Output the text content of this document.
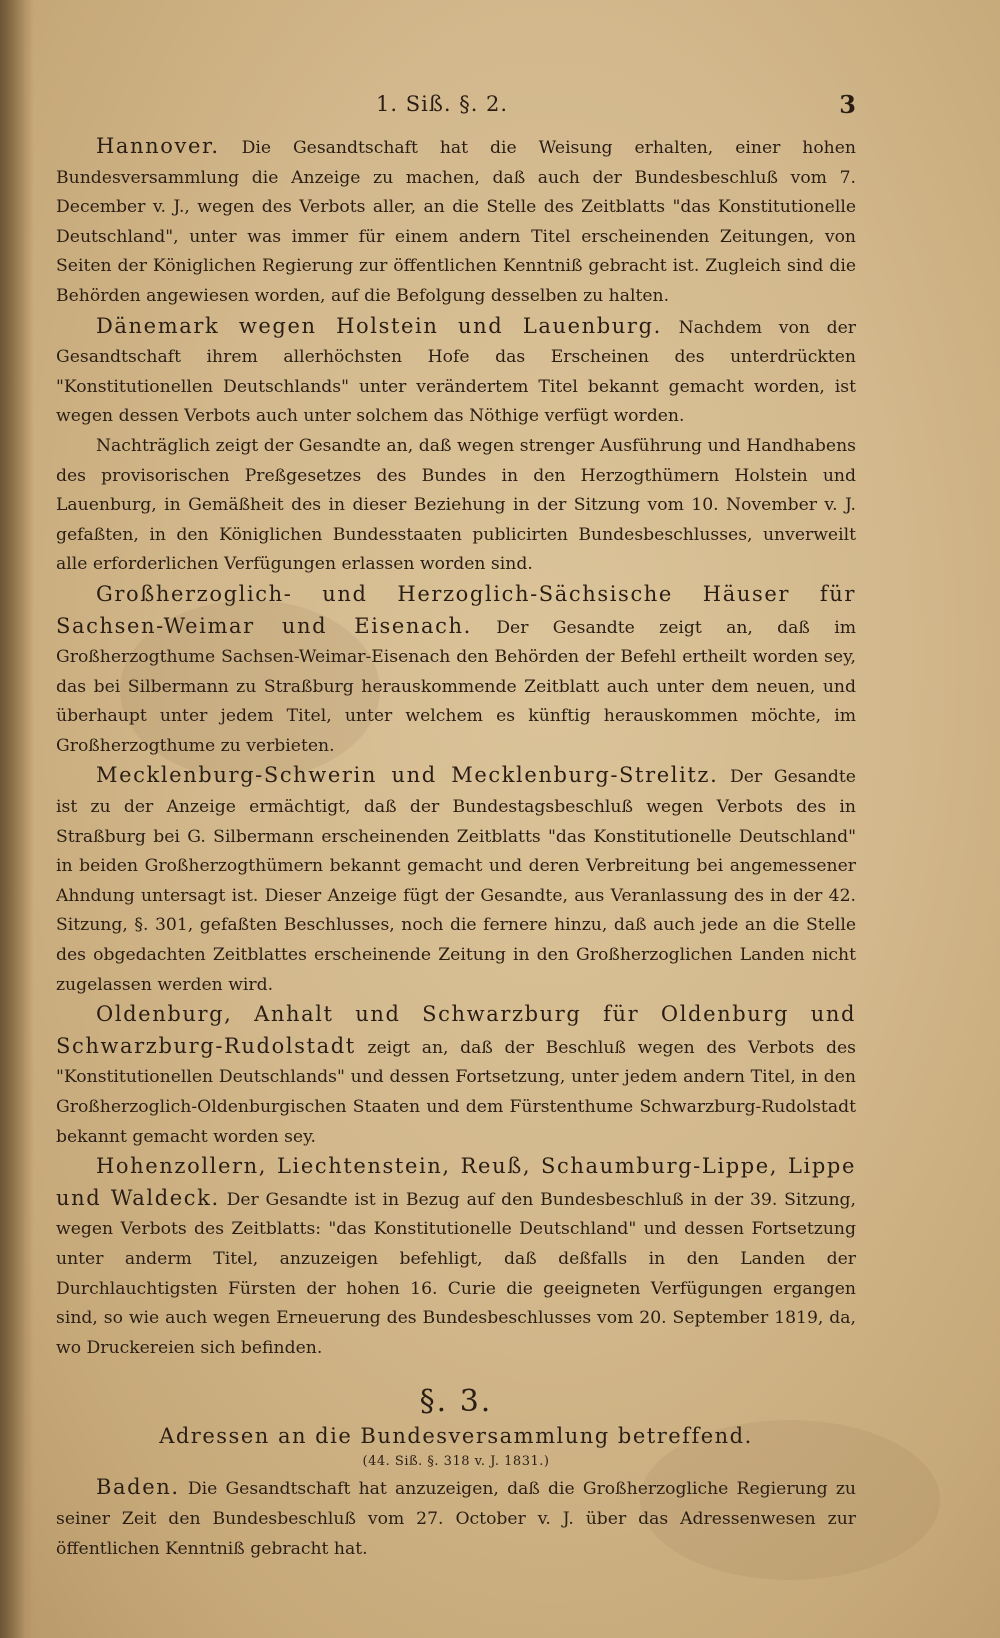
1. Siß. §. 2.	3

Hannover. Die Gesandtschaft hat die Weisung erhalten, einer hohen Bundesversammlung die Anzeige zu machen, daß auch der Bundesbeschluß vom 7. December v. J., wegen des Verbots aller, an die Stelle des Zeitblatts "das Konstitutionelle Deutschland", unter was immer für einem andern Titel erscheinenden Zeitungen, von Seiten der Königlichen Regierung zur öffentlichen Kenntniß gebracht ist. Zugleich sind die Behörden angewiesen worden, auf die Befolgung desselben zu halten.

Dänemark wegen Holstein und Lauenburg. Nachdem von der Gesandtschaft ihrem allerhöchsten Hofe das Erscheinen des unterdrückten "Konstitutionellen Deutschlands" unter verändertem Titel bekannt gemacht worden, ist wegen dessen Verbots auch unter solchem das Nöthige verfügt worden.

Nachträglich zeigt der Gesandte an, daß wegen strenger Ausführung und Handhabens des provisorischen Preßgesetzes des Bundes in den Herzogthümern Holstein und Lauenburg, in Gemäßheit des in dieser Beziehung in der Sitzung vom 10. November v. J. gefaßten, in den Königlichen Bundesstaaten publicirten Bundesbeschlusses, unverweilt alle erforderlichen Verfügungen erlassen worden sind.

Großherzoglich- und Herzoglich-Sächsische Häuser für Sachsen-Weimar und Eisenach. Der Gesandte zeigt an, daß im Großherzogthume Sachsen-Weimar-Eisenach den Behörden der Befehl ertheilt worden sey, das bei Silbermann zu Straßburg herauskommende Zeitblatt auch unter dem neuen, und überhaupt unter jedem Titel, unter welchem es künftig herauskommen möchte, im Großherzogthume zu verbieten.

Mecklenburg-Schwerin und Mecklenburg-Strelitz. Der Gesandte ist zu der Anzeige ermächtigt, daß der Bundestagsbeschluß wegen Verbots des in Straßburg bei G. Silbermann erscheinenden Zeitblatts "das Konstitutionelle Deutschland" in beiden Großherzogthümern bekannt gemacht und deren Verbreitung bei angemessener Ahndung untersagt ist. Dieser Anzeige fügt der Gesandte, aus Veranlassung des in der 42. Sitzung, §. 301, gefaßten Beschlusses, noch die fernere hinzu, daß auch jede an die Stelle des obgedachten Zeitblattes erscheinende Zeitung in den Großherzoglichen Landen nicht zugelassen werden wird.

Oldenburg, Anhalt und Schwarzburg für Oldenburg und Schwarzburg-Rudolstadt zeigt an, daß der Beschluß wegen des Verbots des "Konstitutionellen Deutschlands" und dessen Fortsetzung, unter jedem andern Titel, in den Großherzoglich-Oldenburgischen Staaten und dem Fürstenthume Schwarzburg-Rudolstadt bekannt gemacht worden sey.

Hohenzollern, Liechtenstein, Reuß, Schaumburg-Lippe, Lippe und Waldeck. Der Gesandte ist in Bezug auf den Bundesbeschluß in der 39. Sitzung, wegen Verbots des Zeitblatts: "das Konstitutionelle Deutschland" und dessen Fortsetzung unter anderm Titel, anzuzeigen befehligt, daß deßfalls in den Landen der Durchlauchtigsten Fürsten der hohen 16. Curie die geeigneten Verfügungen ergangen sind, so wie auch wegen Erneuerung des Bundesbeschlusses vom 20. September 1819, da, wo Druckereien sich befinden.

§. 3.
Adressen an die Bundesversammlung betreffend.
(44. Siß. §. 318 v. J. 1831.)

Baden. Die Gesandtschaft hat anzuzeigen, daß die Großherzogliche Regierung zu seiner Zeit den Bundesbeschluß vom 27. October v. J. über das Adressenwesen zur öffentlichen Kenntniß gebracht hat.
